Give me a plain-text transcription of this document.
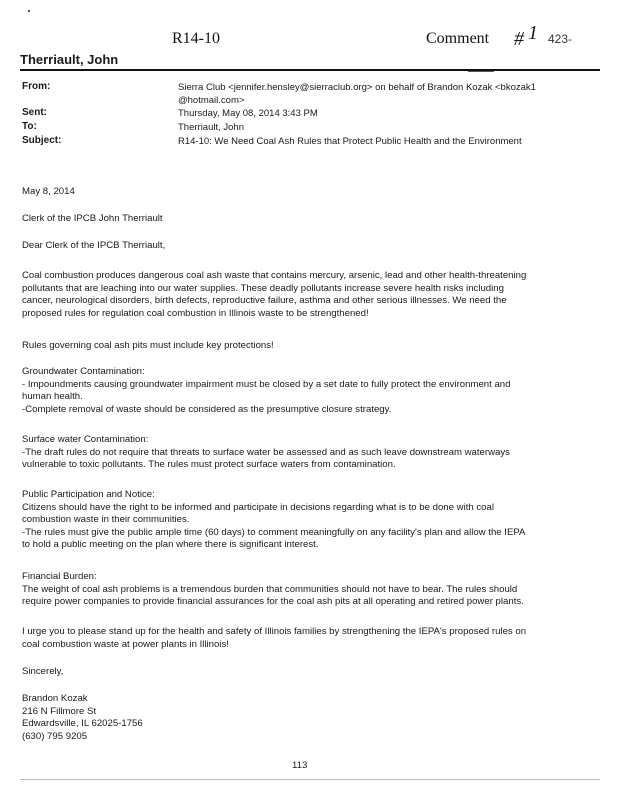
R14-10	Comment # 1 423-
Therriault, John
From:	Sierra Club <jennifer.hensley@sierraclub.org> on behalf of Brandon Kozak <bkozak1
@hotmail.com>
Sent:	Thursday, May 08, 2014 3:43 PM
To:	Therriault, John
Subject:	R14-10: We Need Coal Ash Rules that Protect Public Health and the Environment
May 8, 2014
Clerk of the IPCB John Therriault
Dear Clerk of the IPCB Therriault,
Coal combustion produces dangerous coal ash waste that contains mercury, arsenic, lead and other health-threatening
pollutants that are leaching into our water supplies. These deadly pollutants increase severe health risks including
cancer, neurological disorders, birth defects, reproductive failure, asthma and other serious illnesses. We need the
proposed rules for regulation coal combustion in Illinois waste to be strengthened!
Rules governing coal ash pits must include key protections!
Groundwater Contamination:
- Impoundments causing groundwater impairment must be closed by a set date to fully protect the environment and
human health.
-Complete removal of waste should be considered as the presumptive closure strategy.
Surface water Contamination:
-The draft rules do not require that threats to surface water be assessed and as such leave downstream waterways
vulnerable to toxic pollutants. The rules must protect surface waters from contamination.
Public Participation and Notice:
Citizens should have the right to be informed and participate in decisions regarding what is to be done with coal
combustion waste in their communities.
-The rules must give the public ample time (60 days) to comment meaningfully on any facility's plan and allow the IEPA
to hold a public meeting on the plan where there is significant interest.
Financial Burden:
The weight of coal ash problems is a tremendous burden that communities should not have to bear. The rules should
require power companies to provide financial assurances for the coal ash pits at all operating and retired power plants.
I urge you to please stand up for the health and safety of Illinois families by strengthening the IEPA's proposed rules on
coal combustion waste at power plants in Illinois!
Sincerely,
Brandon Kozak
216 N Fillmore St
Edwardsville, IL 62025-1756
(630) 795 9205
113
